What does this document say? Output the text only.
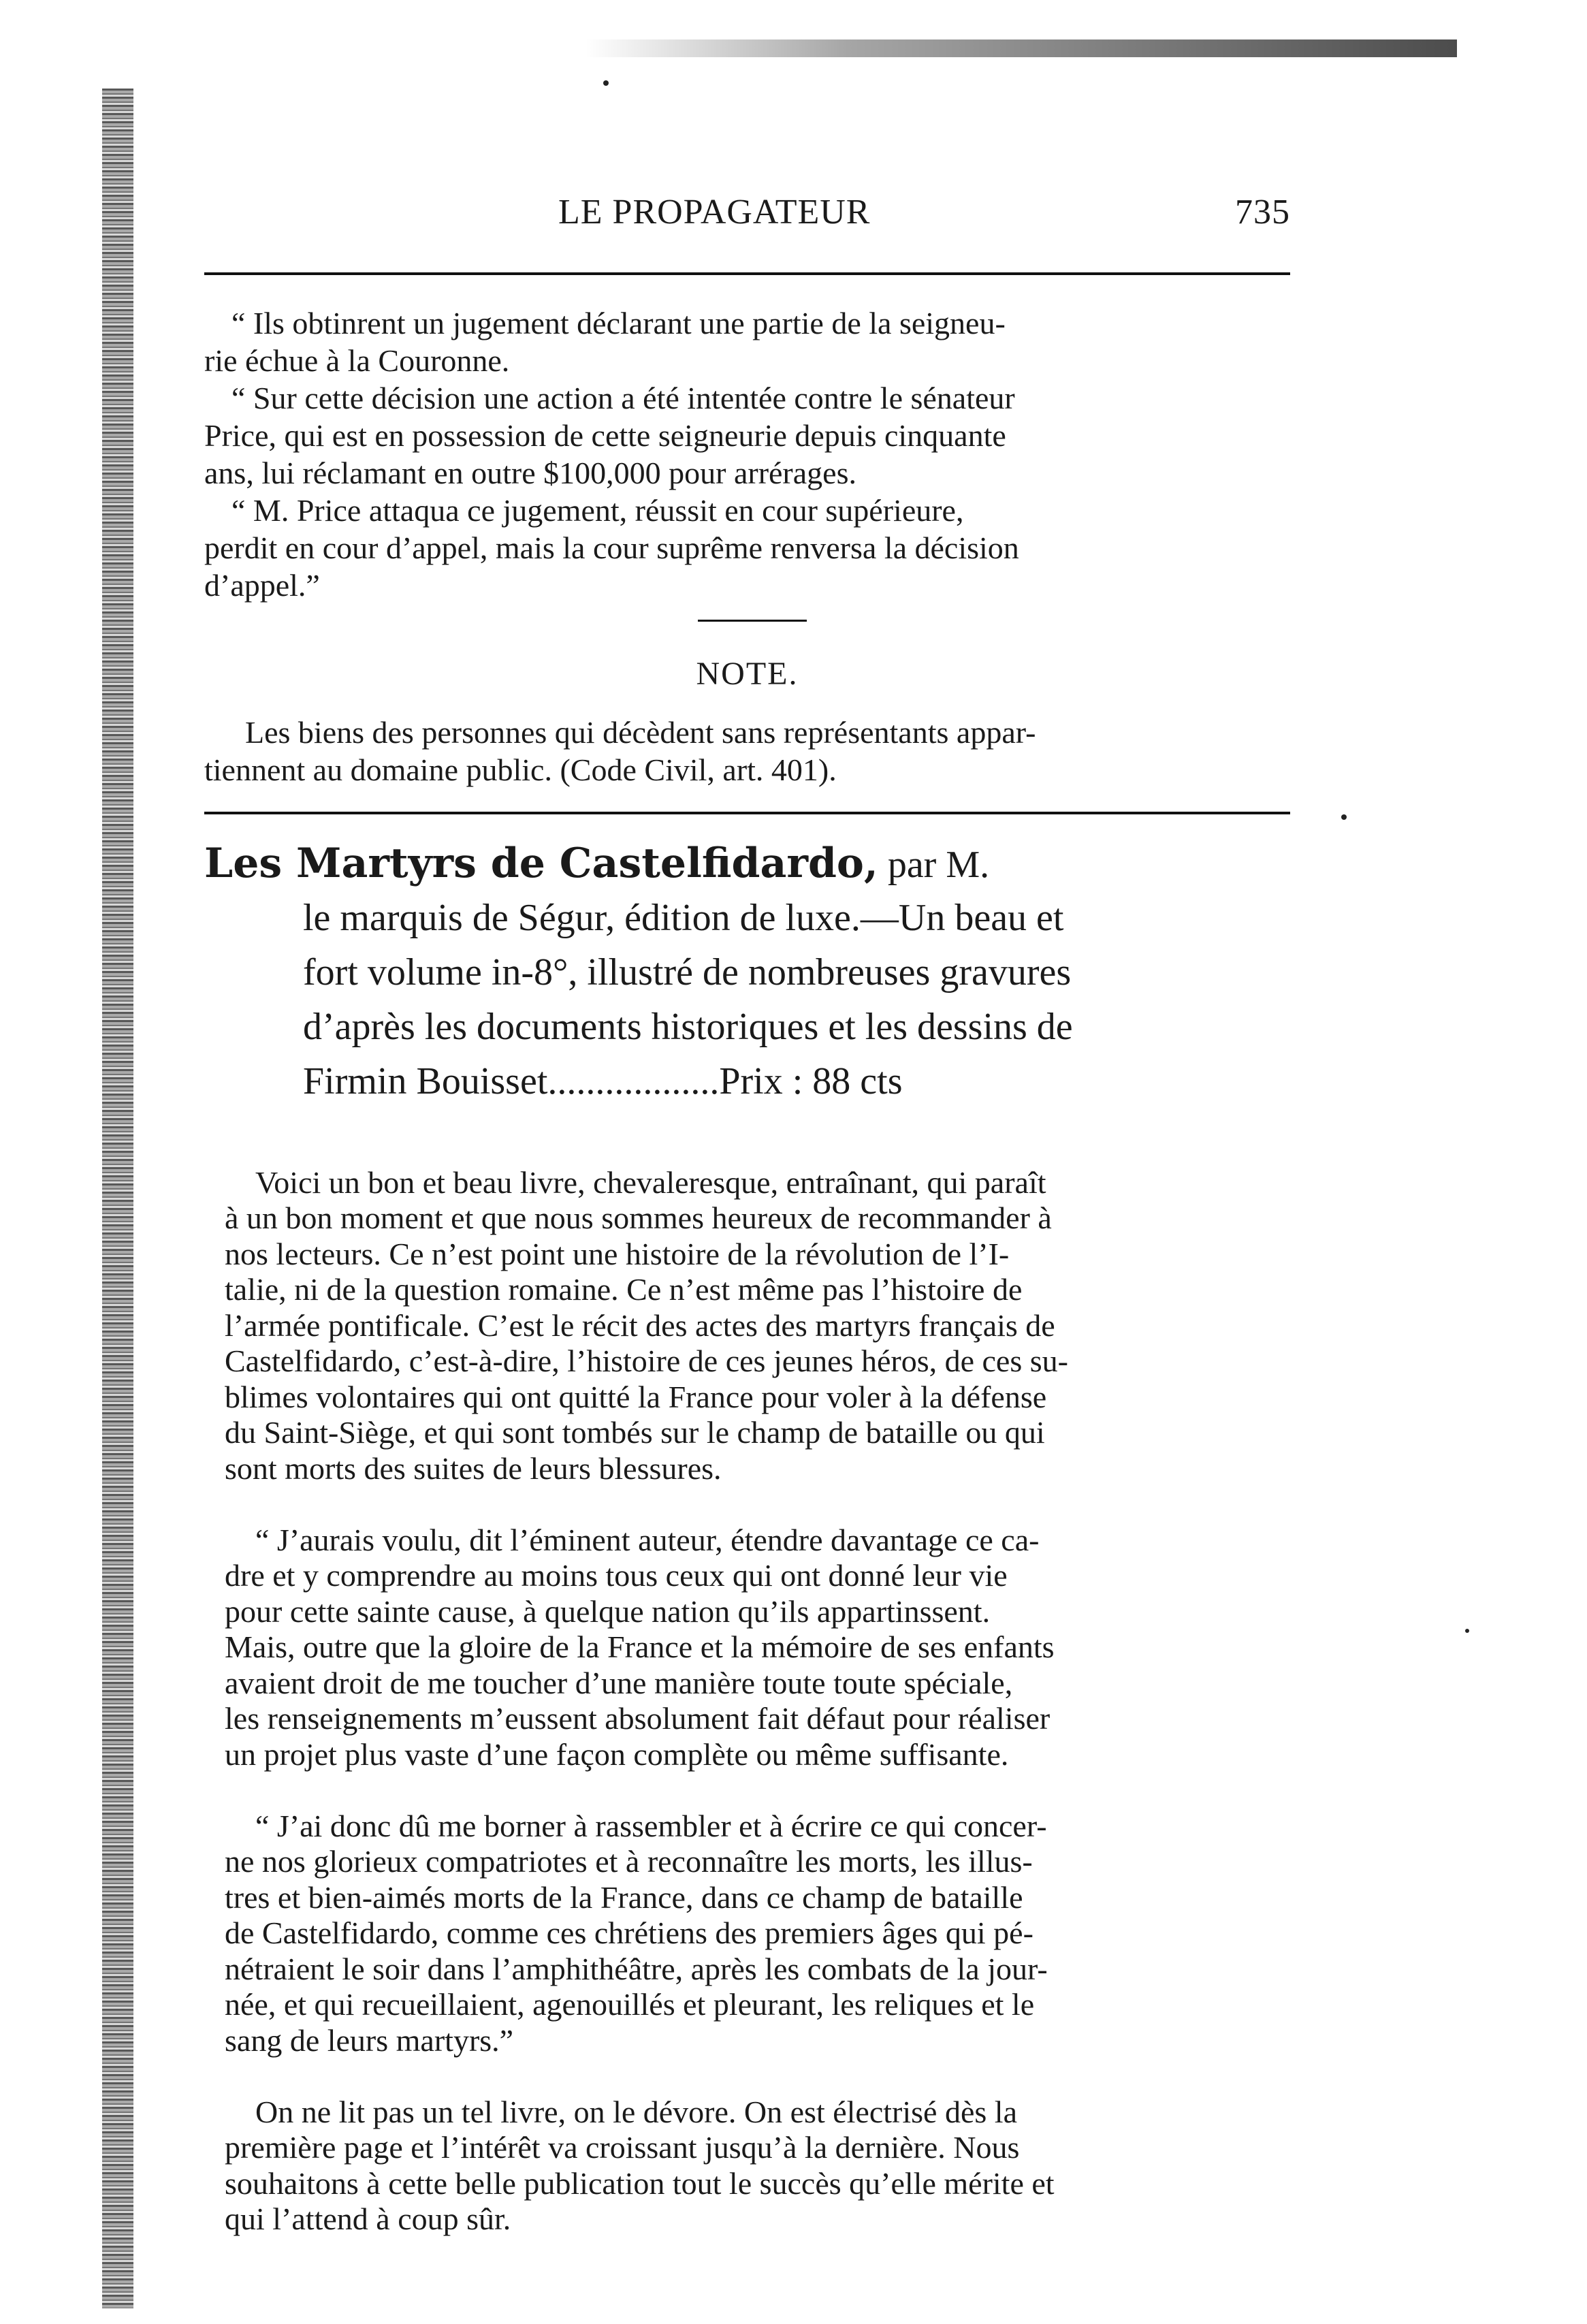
LE PROPAGATEUR	735

“ Ils obtinrent un jugement déclarant une partie de la seigneu-
rie échue à la Couronne.

“ Sur cette décision une action a été intentée contre le sénateur
Price, qui est en possession de cette seigneurie depuis cinquante
ans, lui réclamant en outre $100,000 pour arrérages.

“ M. Price attaqua ce jugement, réussit en cour supérieure,
perdit en cour d’appel, mais la cour suprême renversa la décision
d’appel.”

NOTE.

Les biens des personnes qui décèdent sans représentants appar-
tiennent au domaine public. (Code Civil, art. 401).

Les Martyrs de Castelfidardo, par M.

le marquis de Ségur, édition de luxe.—Un beau et
fort volume in-8°, illustré de nombreuses gravures
d’après les documents historiques et les dessins de
Firmin Bouisset..................Prix : 88 cts

Voici un bon et beau livre, chevaleresque, entraînant, qui paraît
à un bon moment et que nous sommes heureux de recommander à
nos lecteurs. Ce n’est point une histoire de la révolution de l’I-
talie, ni de la question romaine. Ce n’est même pas l’histoire de
l’armée pontificale. C’est le récit des actes des martyrs français de
Castelfidardo, c’est-à-dire, l’histoire de ces jeunes héros, de ces su-
blimes volontaires qui ont quitté la France pour voler à la défense
du Saint-Siège, et qui sont tombés sur le champ de bataille ou qui
sont morts des suites de leurs blessures.

“ J’aurais voulu, dit l’éminent auteur, étendre davantage ce ca-
dre et y comprendre au moins tous ceux qui ont donné leur vie
pour cette sainte cause, à quelque nation qu’ils appartinssent.
Mais, outre que la gloire de la France et la mémoire de ses enfants
avaient droit de me toucher d’une manière toute toute spéciale,
les renseignements m’eussent absolument fait défaut pour réaliser
un projet plus vaste d’une façon complète ou même suffisante.

“ J’ai donc dû me borner à rassembler et à écrire ce qui concer-
ne nos glorieux compatriotes et à reconnaître les morts, les illus-
tres et bien-aimés morts de la France, dans ce champ de bataille
de Castelfidardo, comme ces chrétiens des premiers âges qui pé-
nétraient le soir dans l’amphithéâtre, après les combats de la jour-
née, et qui recueillaient, agenouillés et pleurant, les reliques et le
sang de leurs martyrs.”

On ne lit pas un tel livre, on le dévore. On est électrisé dès la
première page et l’intérêt va croissant jusqu’à la dernière. Nous
souhaitons à cette belle publication tout le succès qu’elle mérite et
qui l’attend à coup sûr.
